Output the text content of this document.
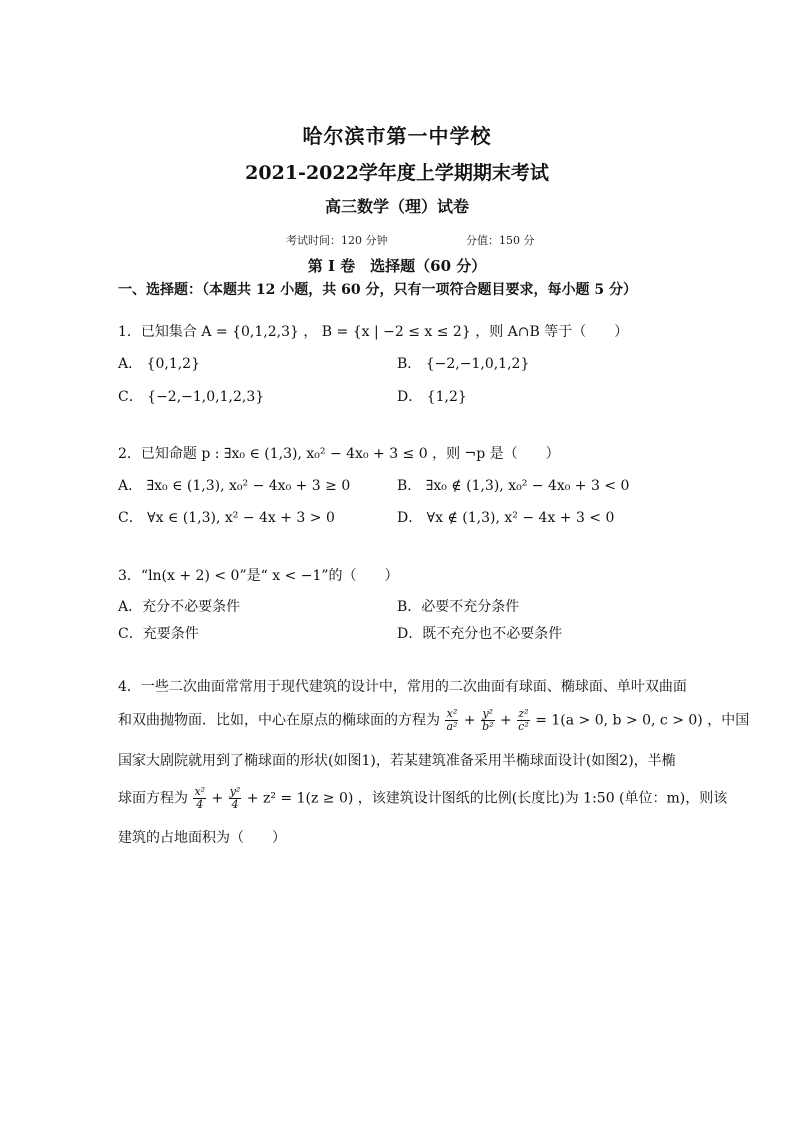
哈尔滨市第一中学校
2021-2022学年度上学期期末考试
高三数学（理）试卷
考试时间：120 分钟	分值：150 分
第 I 卷　选择题（60 分）
一、选择题：（本题共 12 小题，共 60 分，只有一项符合题目要求，每小题 5 分）
1．已知集合 A = {0,1,2,3} ， B = {x | −2 ≤ x ≤ 2} ，则 A∩B 等于（　　）
A． {0,1,2}	B． {−2,−1,0,1,2}
C． {−2,−1,0,1,2,3}	D． {1,2}
2．已知命题 p : ∃x₀ ∈ (1,3), x₀² − 4x₀ + 3 ≤ 0 ，则 ¬p 是（　　）
A． ∃x₀ ∈ (1,3), x₀² − 4x₀ + 3 ≥ 0	B． ∃x₀ ∉ (1,3), x₀² − 4x₀ + 3 < 0
C． ∀x ∈ (1,3), x² − 4x + 3 > 0	D． ∀x ∉ (1,3), x² − 4x + 3 < 0
3．“ln(x + 2) < 0”是“ x < −1”的（　　）
A．充分不必要条件	B．必要不充分条件
C．充要条件	D．既不充分也不必要条件
4．一些二次曲面常常用于现代建筑的设计中，常用的二次曲面有球面、椭球面、单叶双曲面
和双曲抛物面．比如，中心在原点的椭球面的方程为 $\frac{\text{x²}}{\text{a²}} + \frac{\text{y²}}{\text{b²}} + \frac{\text{z²}}{\text{c²}} = 1(a > 0$, b > 0, c > 0) ，中国
国家大剧院就用到了椭球面的形状(如图1)，若某建筑准备采用半椭球面设计(如图2)，半椭
球面方程为 $\frac{\text{x²}}{4} + \frac{\text{y²}}{4} + z^2 = 1(z \ge 0)$ ，该建筑设计图纸的比例(长度比)为 1:50 (单位：m)，则该
建筑的占地面积为（　　）
